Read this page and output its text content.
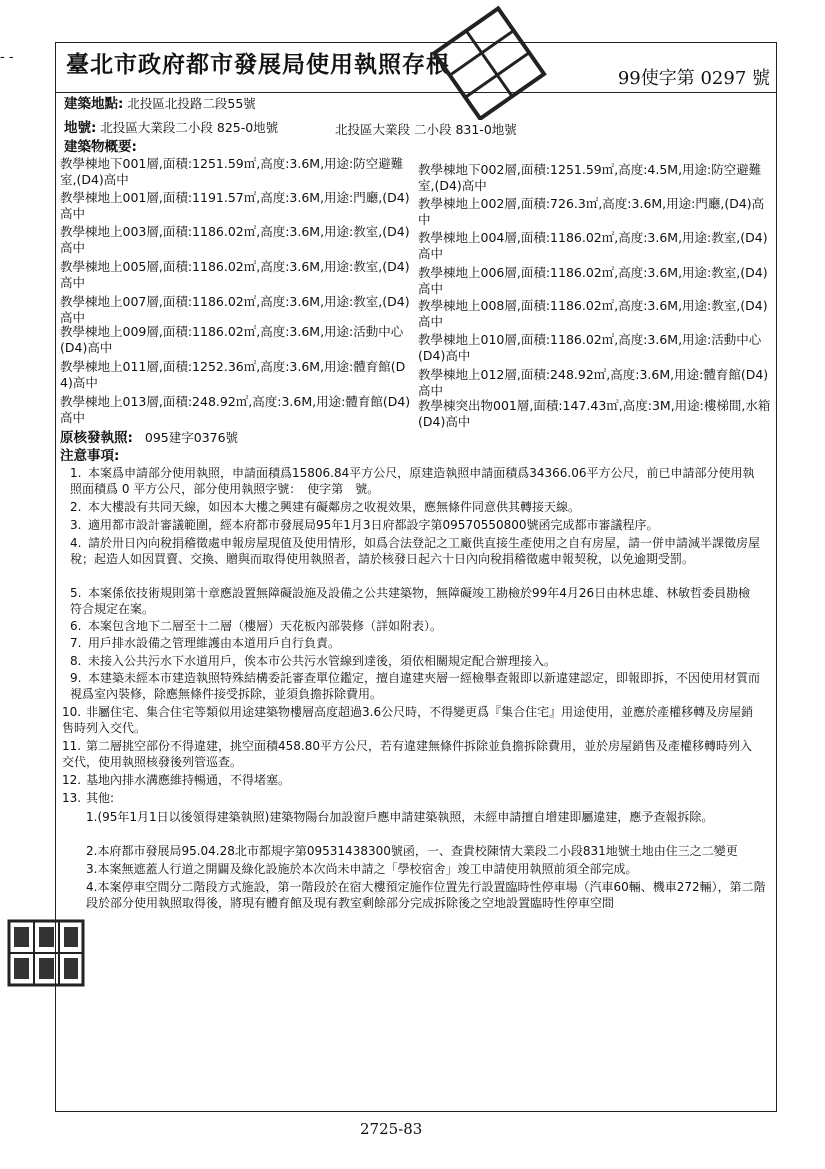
- - 臺北市政府都市發展局使用執照存根
99使字第 0297 號
建築地點: 北投區北投路二段55號
地號: 北投區大業段二小段 825-0地號	北投區大業段 二小段 831-0地號
建築物概要:
教學棟地下001層,面積:1251.59㎡,高度:3.6M,用途:防空避難室,(D4)高中
教學棟地上001層,面積:1191.57㎡,高度:3.6M,用途:門廳,(D4)高中
教學棟地上003層,面積:1186.02㎡,高度:3.6M,用途:教室,(D4)高中
教學棟地上005層,面積:1186.02㎡,高度:3.6M,用途:教室,(D4)高中
教學棟地上007層,面積:1186.02㎡,高度:3.6M,用途:教室,(D4)高中
教學棟地上009層,面積:1186.02㎡,高度:3.6M,用途:活動中心(D4)高中
教學棟地上011層,面積:1252.36㎡,高度:3.6M,用途:體育館(D4)高中
教學棟地上013層,面積:248.92㎡,高度:3.6M,用途:體育館(D4)高中
教學棟地下002層,面積:1251.59㎡,高度:4.5M,用途:防空避難室,(D4)高中
教學棟地上002層,面積:726.3㎡,高度:3.6M,用途:門廳,(D4)高中
教學棟地上004層,面積:1186.02㎡,高度:3.6M,用途:教室,(D4)高中
教學棟地上006層,面積:1186.02㎡,高度:3.6M,用途:教室,(D4)高中
教學棟地上008層,面積:1186.02㎡,高度:3.6M,用途:教室,(D4)高中
教學棟地上010層,面積:1186.02㎡,高度:3.6M,用途:活動中心(D4)高中
教學棟地上012層,面積:248.92㎡,高度:3.6M,用途:體育館(D4)高中
教學棟突出物001層,面積:147.43㎡,高度:3M,用途:樓梯間,水箱(D4)高中
原核發執照: 095建字0376號
注意事項:
1. 本案爲申請部分使用執照，申請面積爲15806.84平方公尺，原建造執照申請面積爲34366.06平方公尺，前已申請部分使用執照面積爲 0 平方公尺，部分使用執照字號：　使字第　號。
2. 本大樓設有共同天線，如因本大樓之興建有礙鄰房之收視效果，應無條件同意供其轉接天線。
3. 適用都市設計審議範圍，經本府都市發展局95年1月3日府都設字第09570550800號函完成都市審議程序。
4. 請於卅日內向稅捐稽徵處申報房屋現值及使用情形，如爲合法登記之工廠供直接生產使用之自有房屋，請一併申請減半課徵房屋稅；起造人如因買賣、交換、贈與而取得使用執照者，請於核發日起六十日內向稅捐稽徵處申報契稅，以免逾期受罰。
5. 本案係依技術規則第十章應設置無障礙設施及設備之公共建築物，無障礙竣工勘檢於99年4月26日由林忠雄、林敏哲委員勘檢符合規定在案。
6. 本案包含地下二層至十二層（樓層）天花板內部裝修（詳如附表）。
7. 用戶排水設備之管理維護由本道用戶自行負責。
8. 未接入公共污水下水道用戶，俟本市公共污水管線到達後，須依相關規定配合辦理接入。
9. 本建築未經本市建造執照特殊結構委託審查單位鑑定，擅自違建夾層一經檢舉查報即以新違建認定，即報即拆，不因使用材質而視爲室內裝修，除應無條件接受拆除，並須負擔拆除費用。
10. 非屬住宅、集合住宅等類似用途建築物樓層高度超過3.6公尺時，不得變更爲『集合住宅』用途使用，並應於產權移轉及房屋銷售時列入交代。
11. 第二層挑空部份不得違建，挑空面積458.80平方公尺，若有違建無條件拆除並負擔拆除費用，並於房屋銷售及產權移轉時列入交代，使用執照核發後列管巡查。
12. 基地內排水溝應維持暢通，不得堵塞。
13. 其他:
1.(95年1月1日以後領得建築執照)建築物陽台加設窗戶應申請建築執照，未經申請擅自增建即屬違建，應予查報拆除。
2.本府都市發展局95.04.28北市都規字第09531438300號函，一、查貴校陳情大業段二小段831地號土地由住三之二變更
3.本案無遮蓋人行道之開闢及綠化設施於本次尚未申請之「學校宿舍」竣工申請使用執照前須全部完成。
4.本案停車空間分二階段方式施設，第一階段於在宿大樓預定施作位置先行設置臨時性停車場（汽車60輛、機車272輛），第二階段於部分使用執照取得後，將現有體育館及現有教室剩餘部分完成拆除後之空地設置臨時性停車空間
2725-83
